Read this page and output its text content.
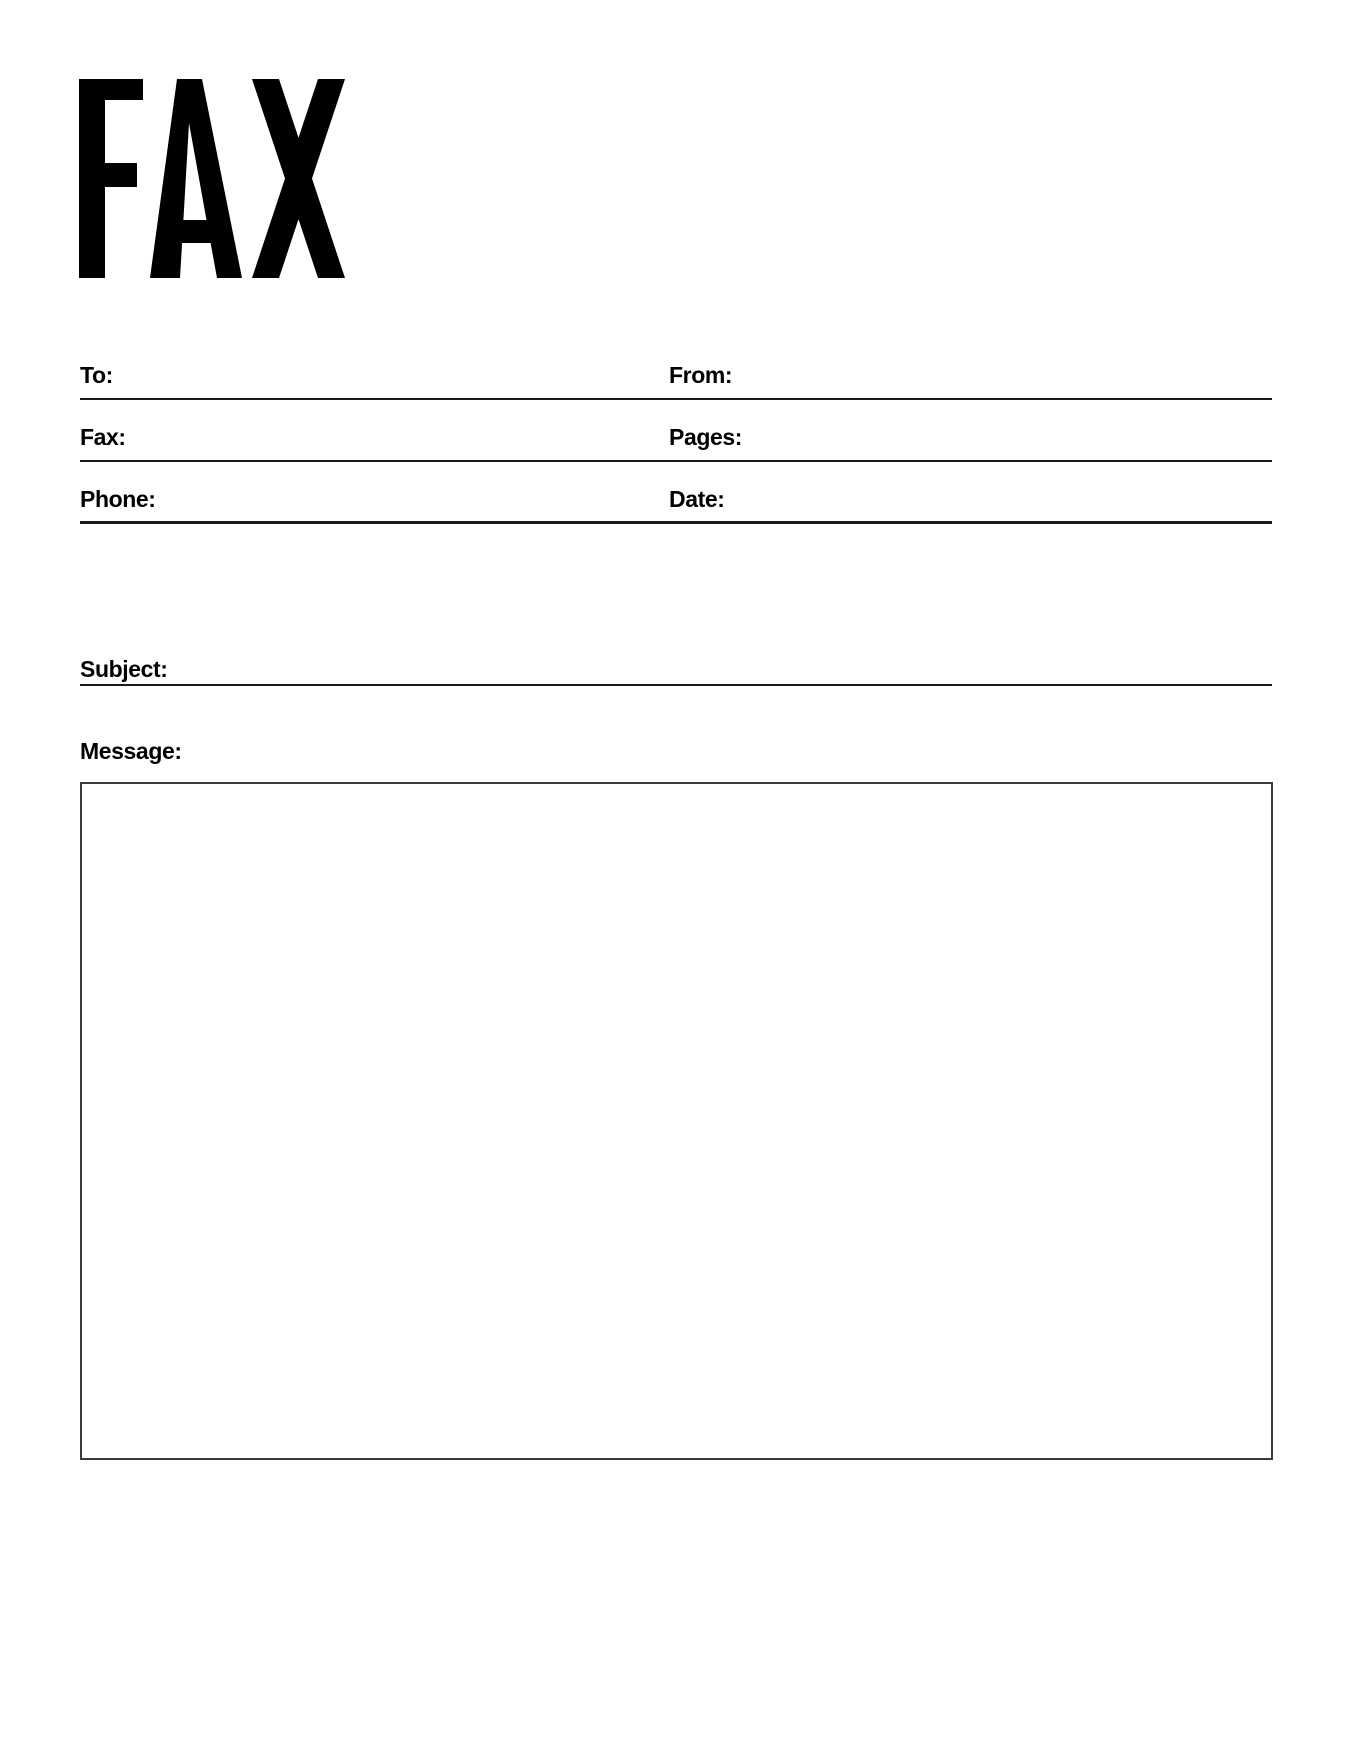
To:	From:
Fax:	Pages:
Phone:	Date:
Subject:
Message:
